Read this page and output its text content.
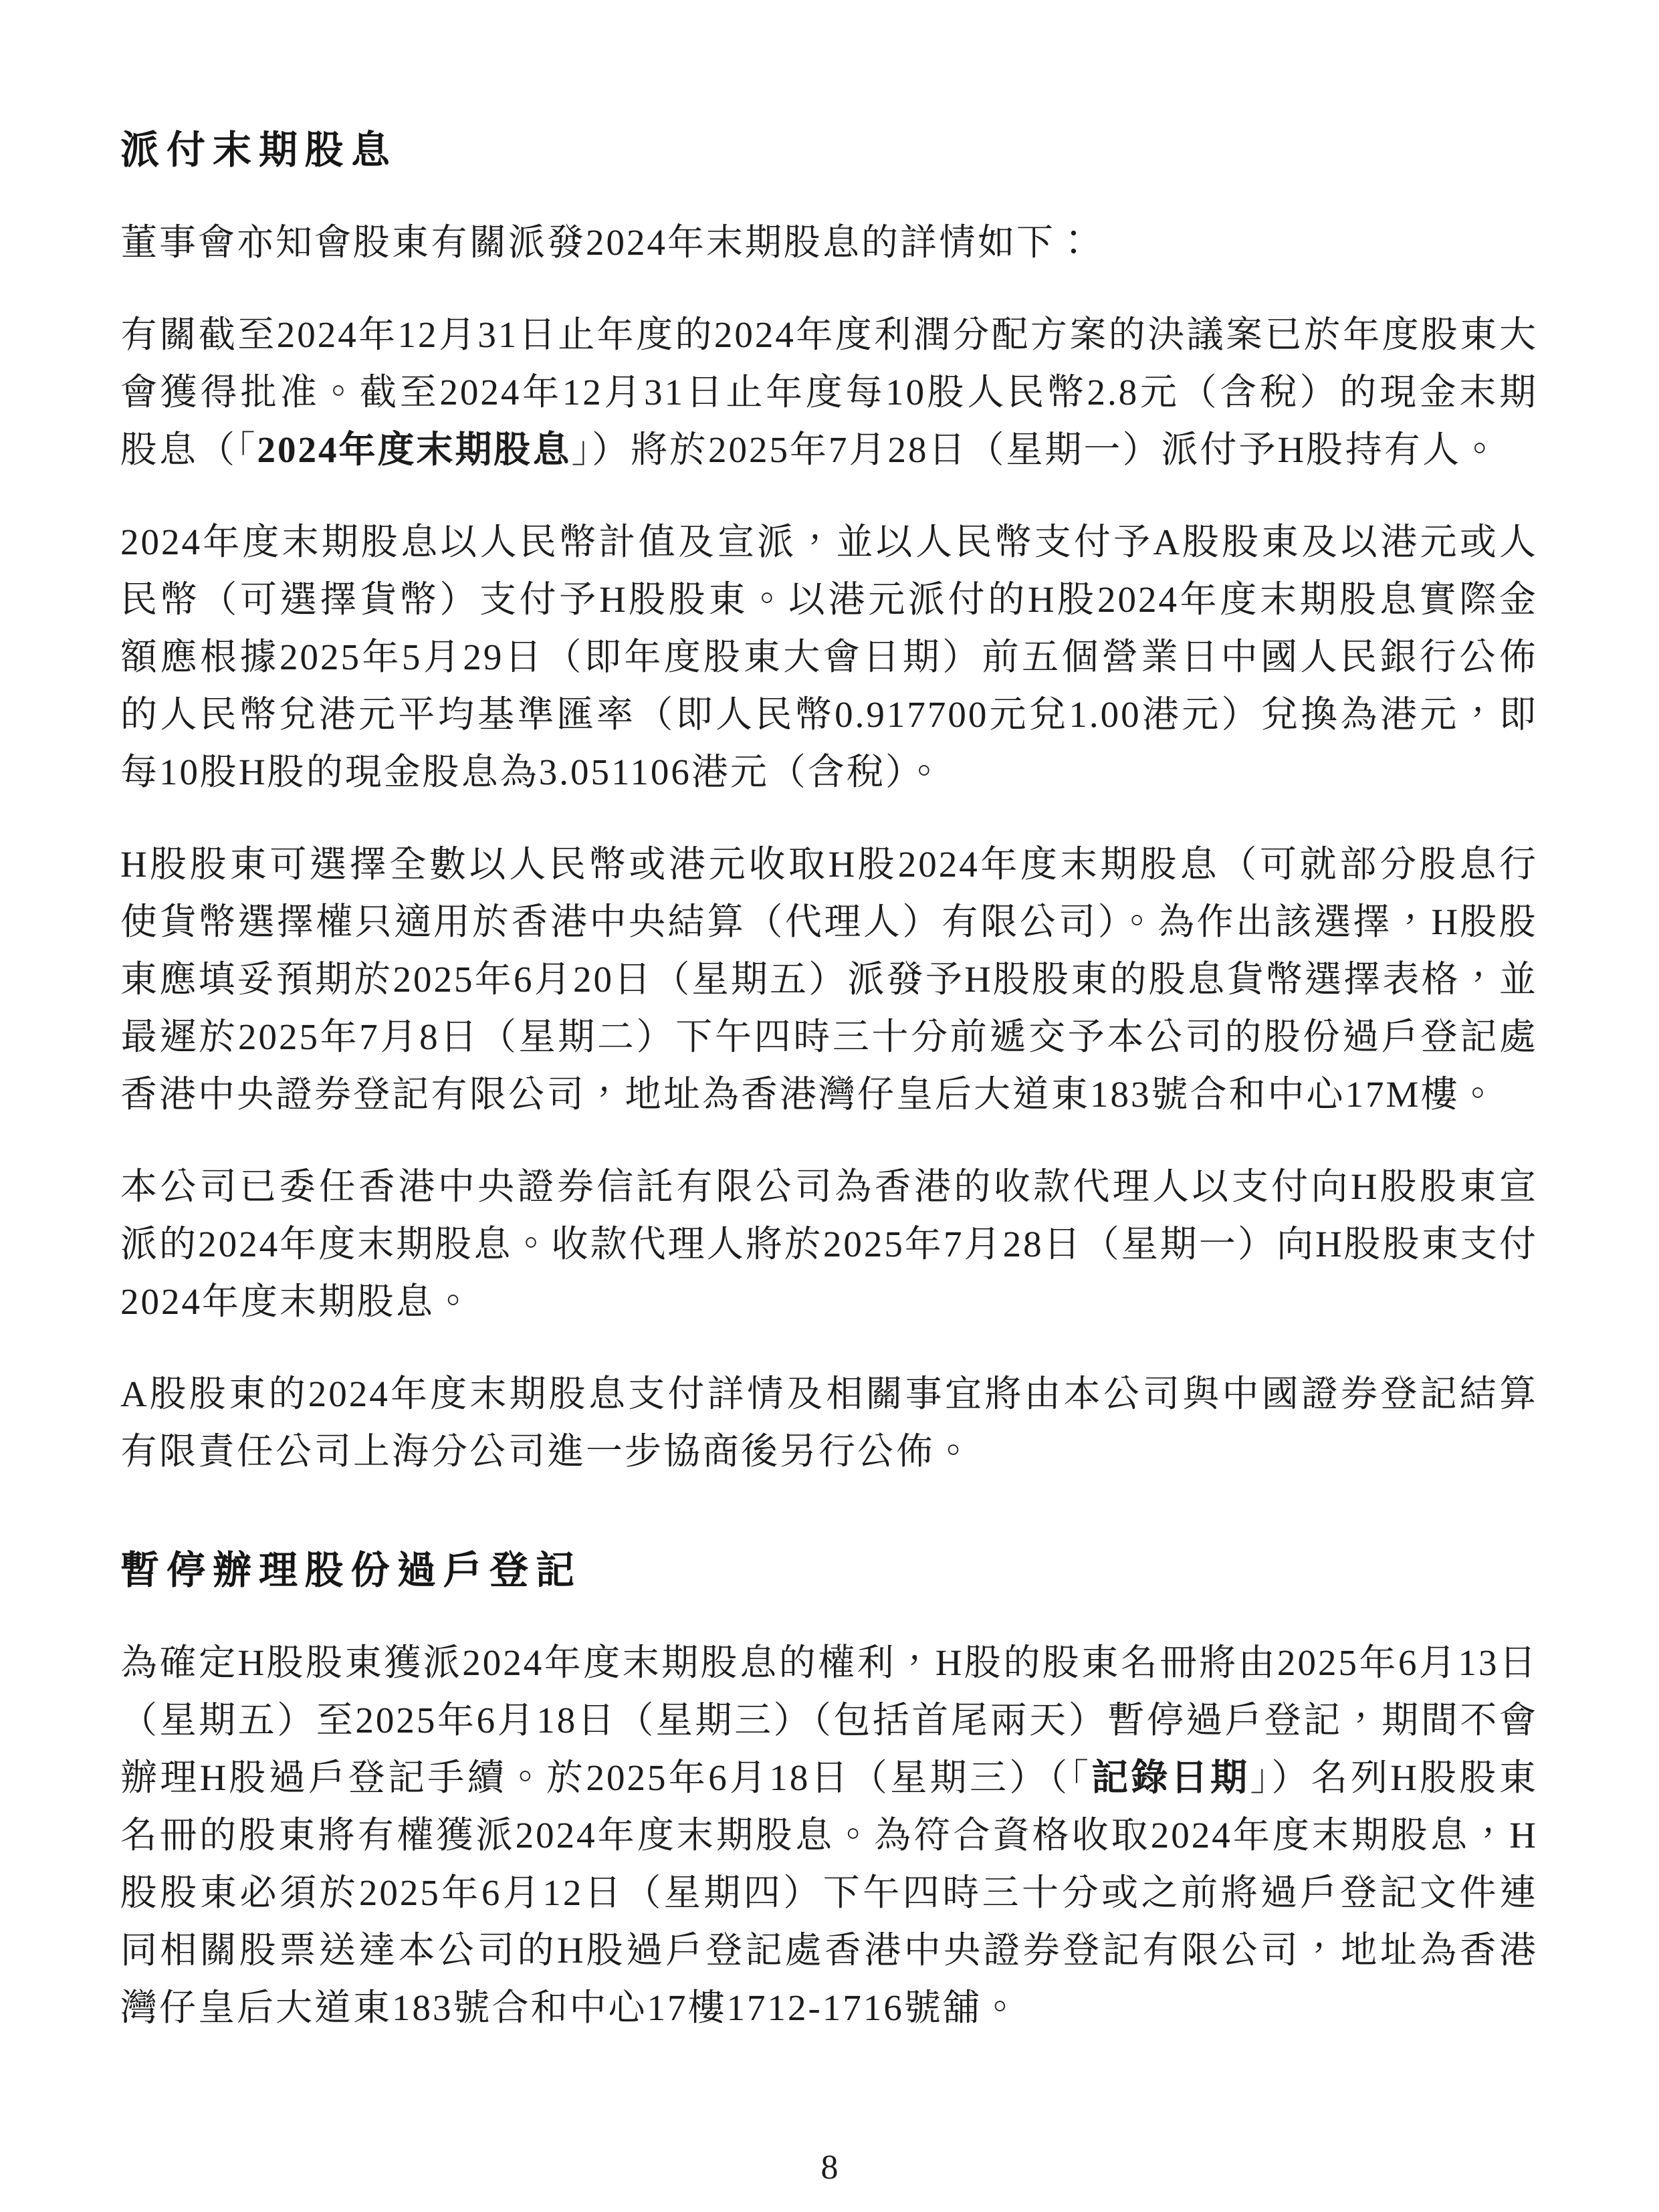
派付末期股息

董事會亦知會股東有關派發2024年末期股息的詳情如下：

有關截至2024年12月31日止年度的2024年度利潤分配方案的決議案已於年度股東大會獲得批准。截至2024年12月31日止年度每10股人民幣2.8元（含稅）的現金末期股息（「2024年度末期股息」）將於2025年7月28日（星期一）派付予H股持有人。

2024年度末期股息以人民幣計值及宣派，並以人民幣支付予A股股東及以港元或人民幣（可選擇貨幣）支付予H股股東。以港元派付的H股2024年度末期股息實際金額應根據2025年5月29日（即年度股東大會日期）前五個營業日中國人民銀行公佈的人民幣兌港元平均基準匯率（即人民幣0.917700元兌1.00港元）兌換為港元，即每10股H股的現金股息為3.051106港元（含稅）。

H股股東可選擇全數以人民幣或港元收取H股2024年度末期股息（可就部分股息行使貨幣選擇權只適用於香港中央結算（代理人）有限公司）。為作出該選擇，H股股東應填妥預期於2025年6月20日（星期五）派發予H股股東的股息貨幣選擇表格，並最遲於2025年7月8日（星期二）下午四時三十分前遞交予本公司的股份過戶登記處香港中央證券登記有限公司，地址為香港灣仔皇后大道東183號合和中心17M樓。

本公司已委任香港中央證券信託有限公司為香港的收款代理人以支付向H股股東宣派的2024年度末期股息。收款代理人將於2025年7月28日（星期一）向H股股東支付2024年度末期股息。

A股股東的2024年度末期股息支付詳情及相關事宜將由本公司與中國證券登記結算有限責任公司上海分公司進一步協商後另行公佈。

暫停辦理股份過戶登記

為確定H股股東獲派2024年度末期股息的權利，H股的股東名冊將由2025年6月13日（星期五）至2025年6月18日（星期三）（包括首尾兩天）暫停過戶登記，期間不會辦理H股過戶登記手續。於2025年6月18日（星期三）（「記錄日期」）名列H股股東名冊的股東將有權獲派2024年度末期股息。為符合資格收取2024年度末期股息，H股股東必須於2025年6月12日（星期四）下午四時三十分或之前將過戶登記文件連同相關股票送達本公司的H股過戶登記處香港中央證券登記有限公司，地址為香港灣仔皇后大道東183號合和中心17樓1712-1716號舖。

8
